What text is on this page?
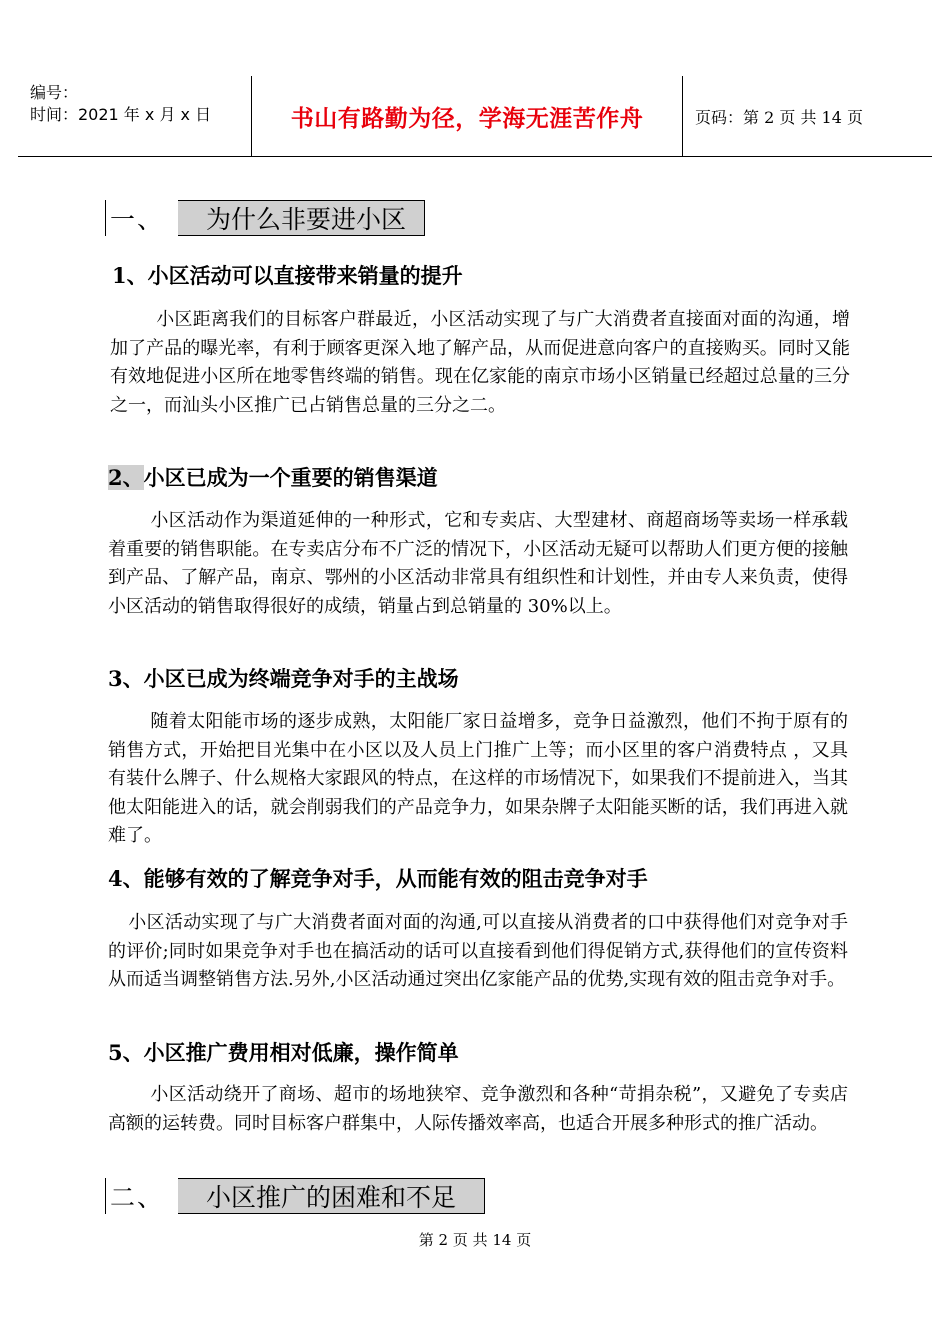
编号：
时间：2021 年 x 月 x 日	书山有路勤为径，学海无涯苦作舟	页码：第 2 页 共 14 页
一、	为什么非要进小区
1、小区活动可以直接带来销量的提升
小区距离我们的目标客户群最近，小区活动实现了与广大消费者直接面对面的沟通，增加了产品的曝光率，有利于顾客更深入地了解产品，从而促进意向客户的直接购买。同时又能有效地促进小区所在地零售终端的销售。现在亿家能的南京市场小区销量已经超过总量的三分之一，而汕头小区推广已占销售总量的三分之二。
2、小区已成为一个重要的销售渠道
小区活动作为渠道延伸的一种形式，它和专卖店、大型建材、商超商场等卖场一样承载着重要的销售职能。在专卖店分布不广泛的情况下，小区活动无疑可以帮助人们更方便的接触到产品、了解产品，南京、鄂州的小区活动非常具有组织性和计划性，并由专人来负责，使得小区活动的销售取得很好的成绩，销量占到总销量的 30%以上。
3、小区已成为终端竞争对手的主战场
随着太阳能市场的逐步成熟，太阳能厂家日益增多，竞争日益激烈，他们不拘于原有的销售方式，开始把目光集中在小区以及人员上门推广上等；而小区里的客户消费特点 ，又具有装什么牌子、什么规格大家跟风的特点，在这样的市场情况下，如果我们不提前进入，当其他太阳能进入的话，就会削弱我们的产品竞争力，如果杂牌子太阳能买断的话，我们再进入就难了。
4、能够有效的了解竞争对手，从而能有效的阻击竞争对手
小区活动实现了与广大消费者面对面的沟通,可以直接从消费者的口中获得他们对竞争对手的评价;同时如果竞争对手也在搞活动的话可以直接看到他们得促销方式,获得他们的宣传资料从而适当调整销售方法.另外,小区活动通过突出亿家能产品的优势,实现有效的阻击竞争对手。
5、小区推广费用相对低廉，操作简单
小区活动绕开了商场、超市的场地狭窄、竞争激烈和各种“苛捐杂税”，又避免了专卖店高额的运转费。同时目标客户群集中，人际传播效率高，也适合开展多种形式的推广活动。
二、	小区推广的困难和不足
第 2 页 共 14 页
